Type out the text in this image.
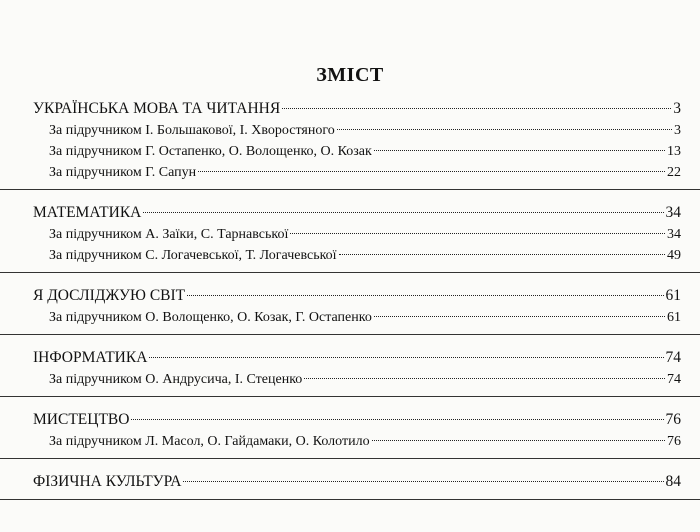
ЗМІСТ
УКРАЇНСЬКА МОВА ТА ЧИТАННЯ	3
За підручником І. Большакової, І. Хворостяного	3
За підручником Г. Остапенко, О. Волощенко, О. Козак	13
За підручником Г. Сапун	22
МАТЕМАТИКА	34
За підручником А. Заїки, С. Тарнавської	34
За підручником С. Логачевської, Т. Логачевської	49
Я ДОСЛІДЖУЮ СВІТ	61
За підручником О. Волощенко, О. Козак, Г. Остапенко	61
ІНФОРМАТИКА	74
За підручником О. Андрусича, І. Стеценко	74
МИСТЕЦТВО	76
За підручником Л. Масол, О. Гайдамаки, О. Колотило	76
ФІЗИЧНА КУЛЬТУРА	84
